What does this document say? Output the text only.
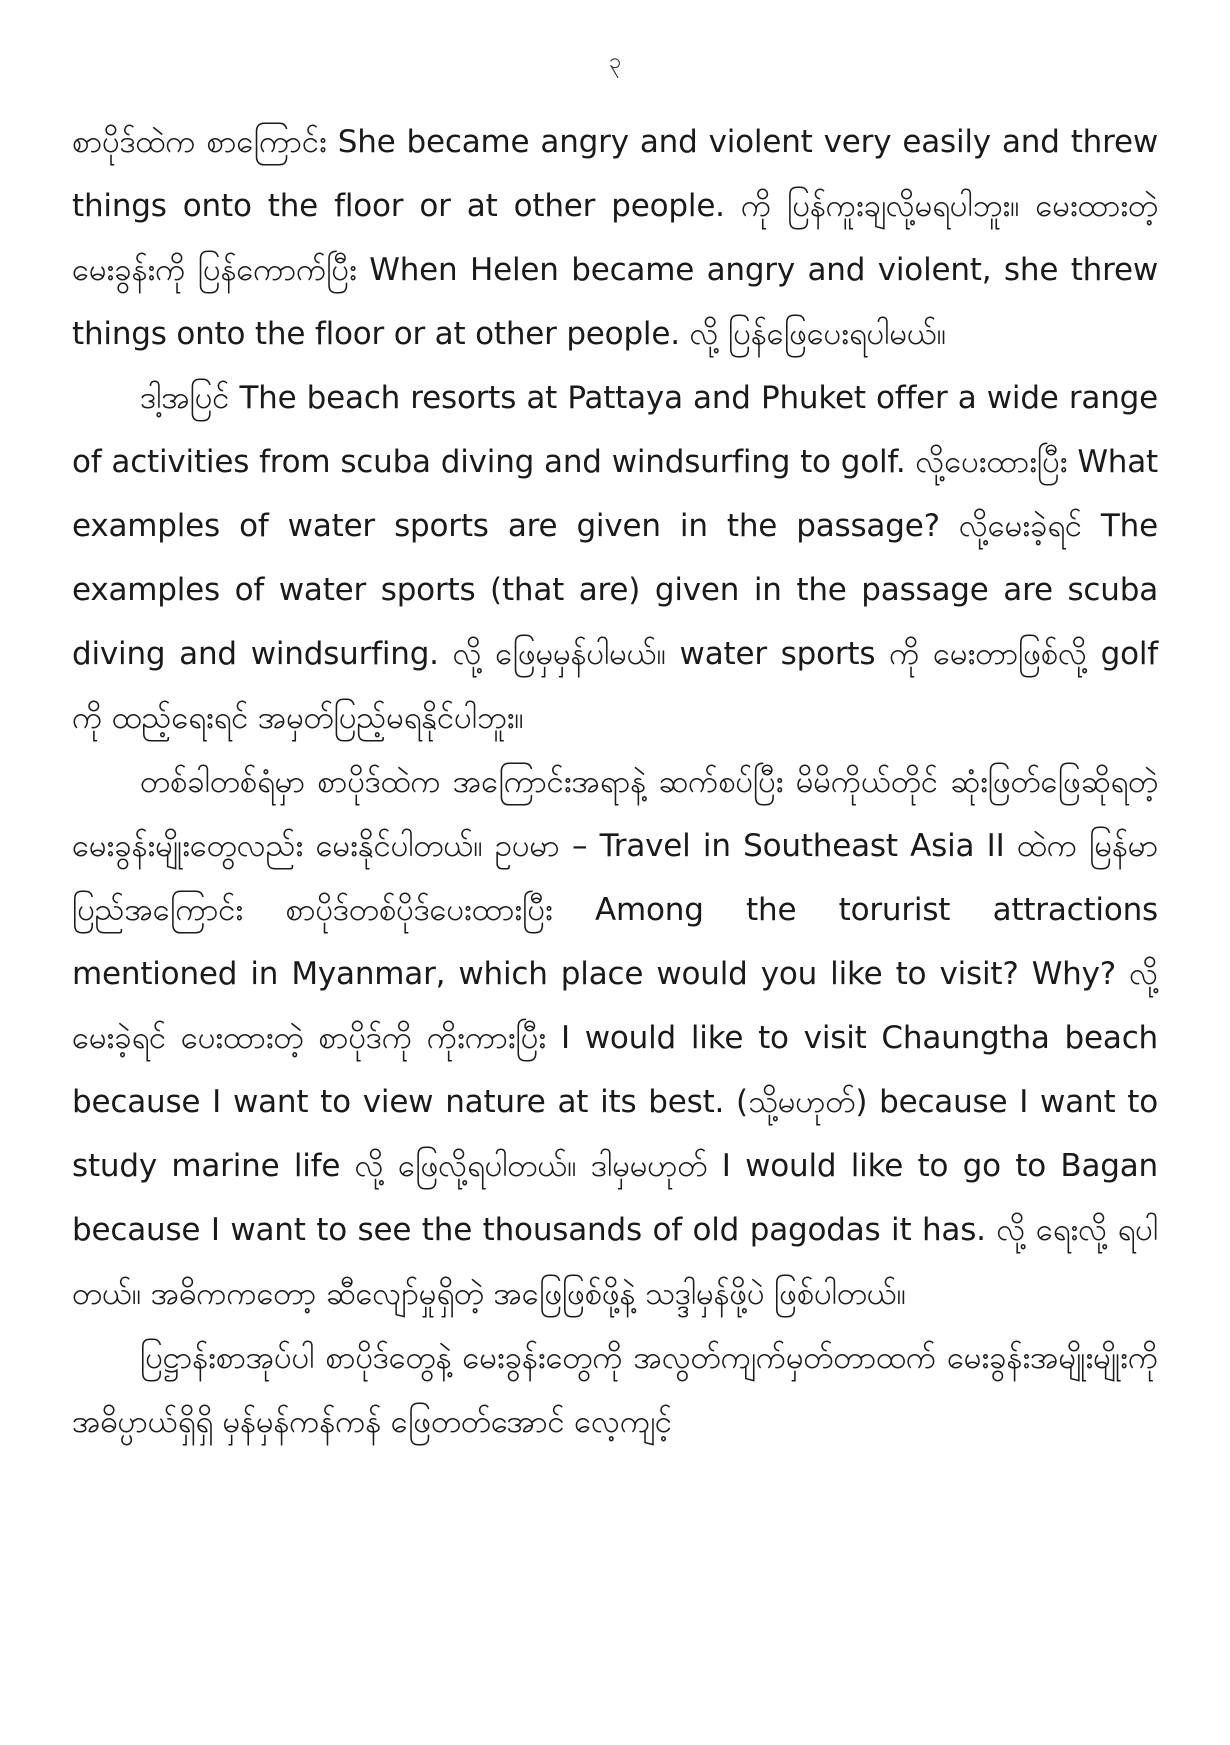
၃

စာပိုဒ်ထဲက စာကြောင်း She became angry and violent very easily and threw things onto the floor or at other people. ကို ပြန်ကူးချလို့မရပါဘူး။ မေးထားတဲ့ မေးခွန်းကို ပြန်ကောက်ပြီး When Helen became angry and violent, she threw things onto the floor or at other people. လို့ ပြန်ဖြေပေးရပါမယ်။

ဒါ့အပြင် The beach resorts at Pattaya and Phuket offer a wide range of activities from scuba diving and windsurfing to golf. လို့ပေးထားပြီး What examples of water sports are given in the passage? လို့မေးခဲ့ရင် The examples of water sports (that are) given in the passage are scuba diving and windsurfing. လို့ ဖြေမှမှန်ပါမယ်။ water sports ကို မေးတာဖြစ်လို့ golf ကို ထည့်ရေးရင် အမှတ်ပြည့်မရနိုင်ပါဘူး။

တစ်ခါတစ်ရံမှာ စာပိုဒ်ထဲက အကြောင်းအရာနဲ့ ဆက်စပ်ပြီး မိမိကိုယ်တိုင် ဆုံးဖြတ်ဖြေဆိုရတဲ့ မေးခွန်းမျိုးတွေလည်း မေးနိုင်ပါတယ်။ ဥပမာ – Travel in Southeast Asia II ထဲက မြန်မာပြည်အကြောင်း စာပိုဒ်တစ်ပိုဒ်ပေးထားပြီး Among the torurist attractions mentioned in Myanmar, which place would you like to visit? Why? လို့မေးခဲ့ရင် ပေးထားတဲ့ စာပိုဒ်ကို ကိုးကားပြီး I would like to visit Chaungtha beach because I want to view nature at its best. (သို့မဟုတ်) because I want to study marine life လို့ ဖြေလို့ရပါတယ်။ ဒါမှမဟုတ် I would like to go to Bagan because I want to see the thousands of old pagodas it has. လို့ ရေးလို့ ရပါတယ်။ အဓိကကတော့ ဆီလျော်မှုရှိတဲ့ အဖြေဖြစ်ဖို့နဲ့ သဒ္ဒါမှန်ဖို့ပဲ ဖြစ်ပါတယ်။

ပြဋ္ဌာန်းစာအုပ်ပါ စာပိုဒ်တွေနဲ့ မေးခွန်းတွေကို အလွတ်ကျက်မှတ်တာထက် မေးခွန်းအမျိုးမျိုးကို အဓိပ္ပာယ်ရှိရှိ မှန်မှန်ကန်ကန် ဖြေတတ်အောင် လေ့ကျင့်
